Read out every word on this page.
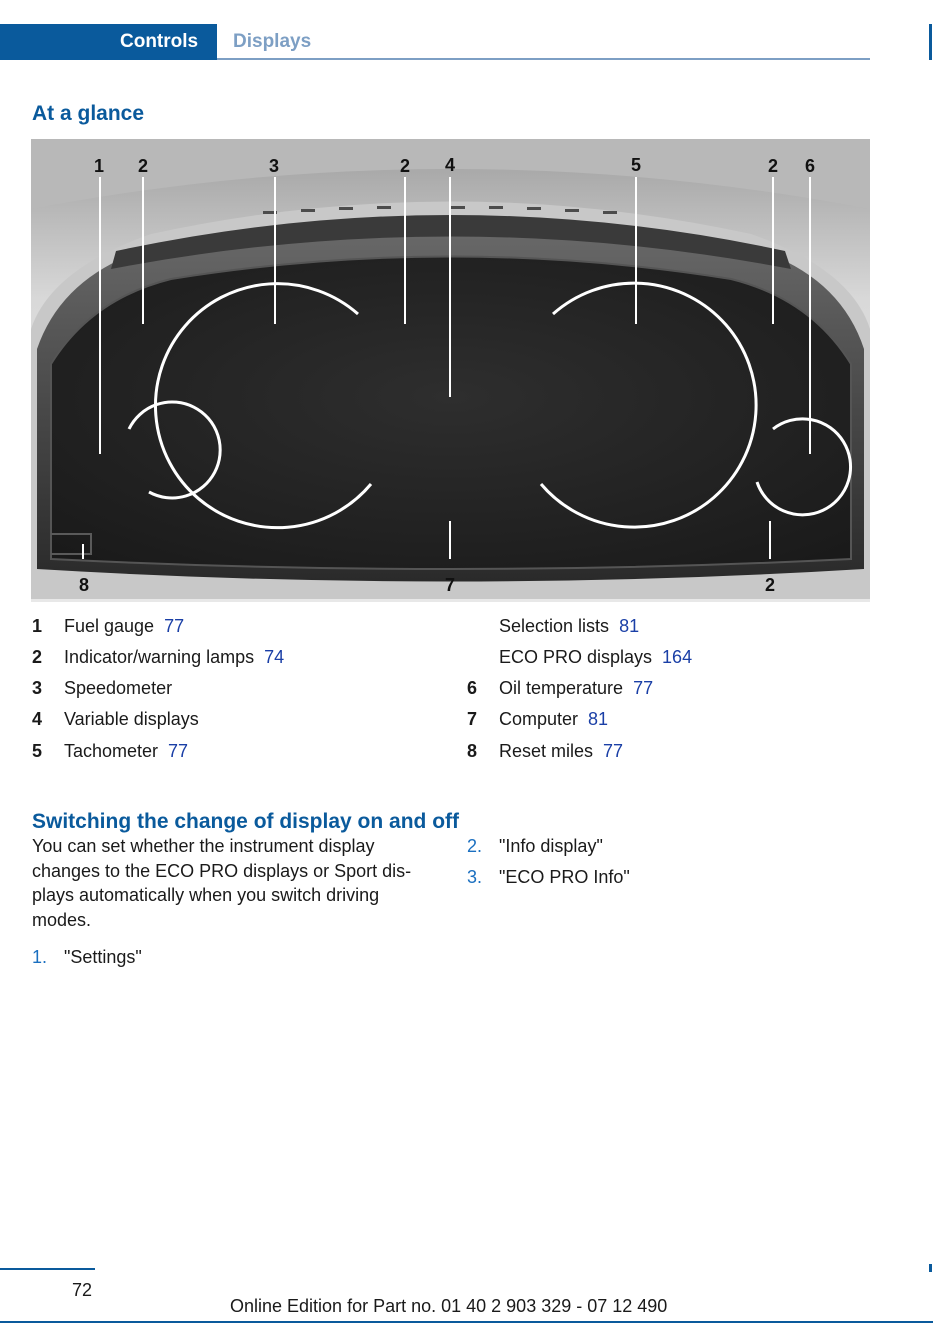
Controls Displays
At a glance
1 2	3	2 4	5	2 6
8	7	2
1	Fuel gauge 77
2	Indicator/warning lamps 74
3	Speedometer
4	Variable displays
5	Tachometer 77
Selection lists 81
ECO PRO displays 164
6	Oil temperature 77
7	Computer 81
8	Reset miles 77
Switching the change of display on and off

You can set whether the instrument display changes to the ECO PRO displays or Sport dis-plays automatically when you switch driving modes.

1. "Settings"
2. "Info display"
3. "ECO PRO Info"
72
Online Edition for Part no. 01 40 2 903 329 - 07 12 490
